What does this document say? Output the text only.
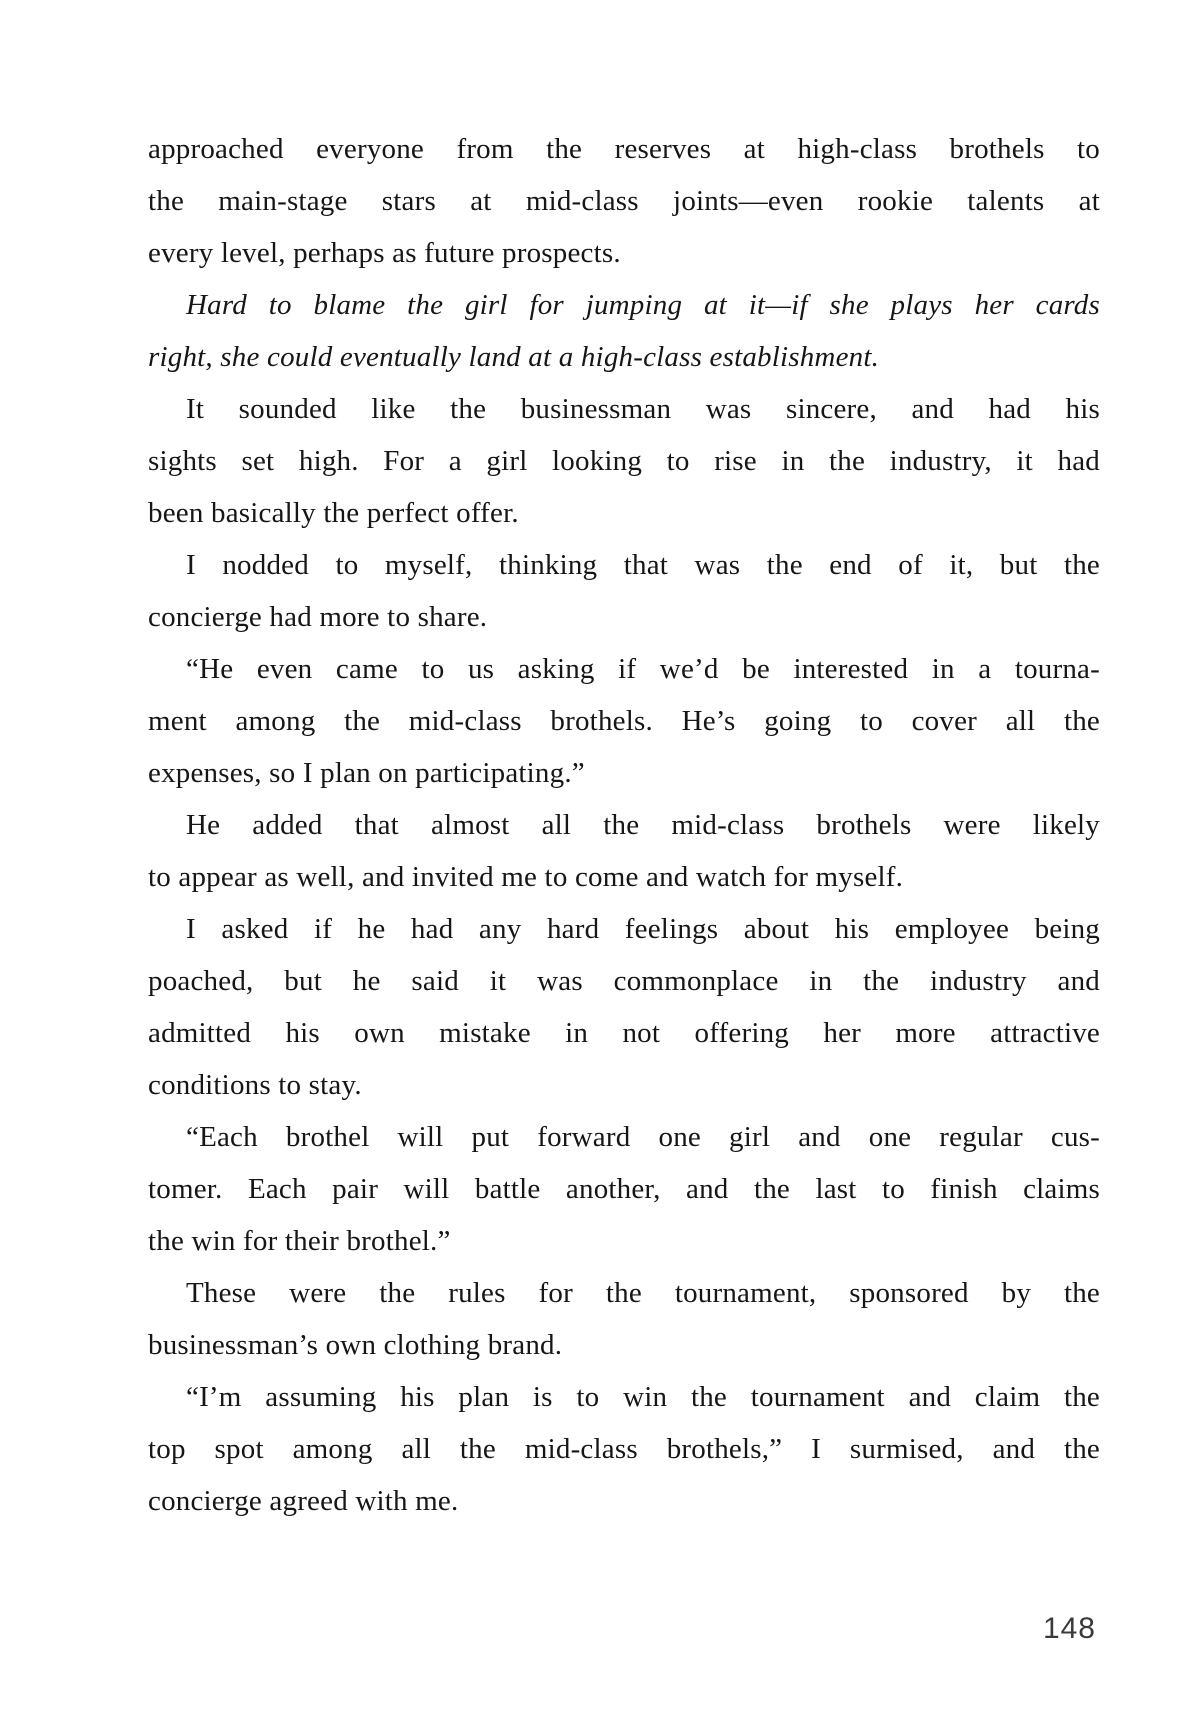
approached everyone from the reserves at high-class brothels to
the main-stage stars at mid-class joints—even rookie talents at
every level, perhaps as future prospects.
Hard to blame the girl for jumping at it—if she plays her cards
right, she could eventually land at a high-class establishment.
It sounded like the businessman was sincere, and had his
sights set high. For a girl looking to rise in the industry, it had
been basically the perfect offer.
I nodded to myself, thinking that was the end of it, but the
concierge had more to share.
“He even came to us asking if we’d be interested in a tourna-
ment among the mid-class brothels. He’s going to cover all the
expenses, so I plan on participating.”
He added that almost all the mid-class brothels were likely
to appear as well, and invited me to come and watch for myself.
I asked if he had any hard feelings about his employee being
poached, but he said it was commonplace in the industry and
admitted his own mistake in not offering her more attractive
conditions to stay.
“Each brothel will put forward one girl and one regular cus-
tomer. Each pair will battle another, and the last to finish claims
the win for their brothel.”
These were the rules for the tournament, sponsored by the
businessman’s own clothing brand.
“I’m assuming his plan is to win the tournament and claim the
top spot among all the mid-class brothels,” I surmised, and the
concierge agreed with me.
148
